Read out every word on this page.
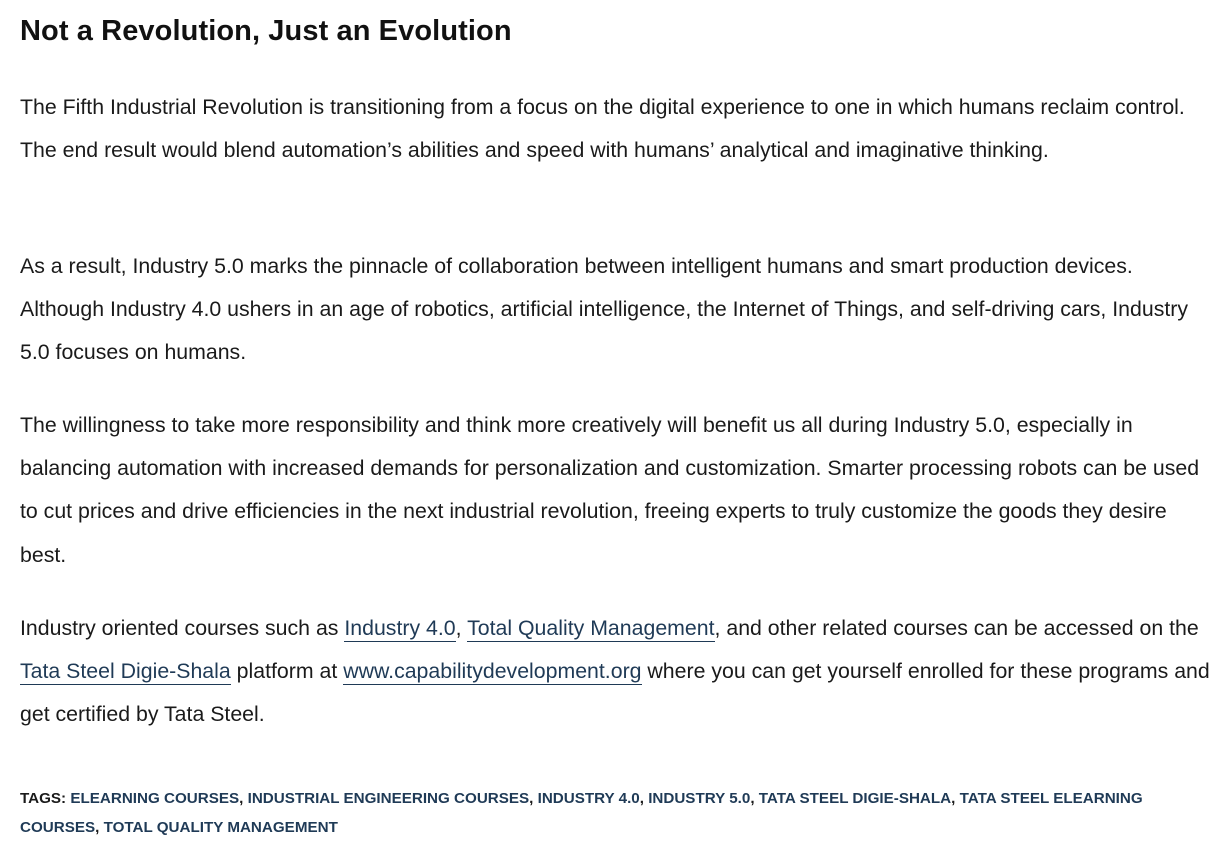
Not a Revolution, Just an Evolution

The Fifth Industrial Revolution is transitioning from a focus on the digital experience to one in which humans reclaim control. The end result would blend automation’s abilities and speed with humans’ analytical and imaginative thinking.

As a result, Industry 5.0 marks the pinnacle of collaboration between intelligent humans and smart production devices. Although Industry 4.0 ushers in an age of robotics, artificial intelligence, the Internet of Things, and self-driving cars, Industry 5.0 focuses on humans.

The willingness to take more responsibility and think more creatively will benefit us all during Industry 5.0, especially in balancing automation with increased demands for personalization and customization. Smarter processing robots can be used to cut prices and drive efficiencies in the next industrial revolution, freeing experts to truly customize the goods they desire best.

Industry oriented courses such as Industry 4.0, Total Quality Management, and other related courses can be accessed on the Tata Steel Digie-Shala platform at www.capabilitydevelopment.org where you can get yourself enrolled for these programs and get certified by Tata Steel.

TAGS: ELEARNING COURSES, INDUSTRIAL ENGINEERING COURSES, INDUSTRY 4.0, INDUSTRY 5.0, TATA STEEL DIGIE-SHALA, TATA STEEL ELEARNING COURSES, TOTAL QUALITY MANAGEMENT
